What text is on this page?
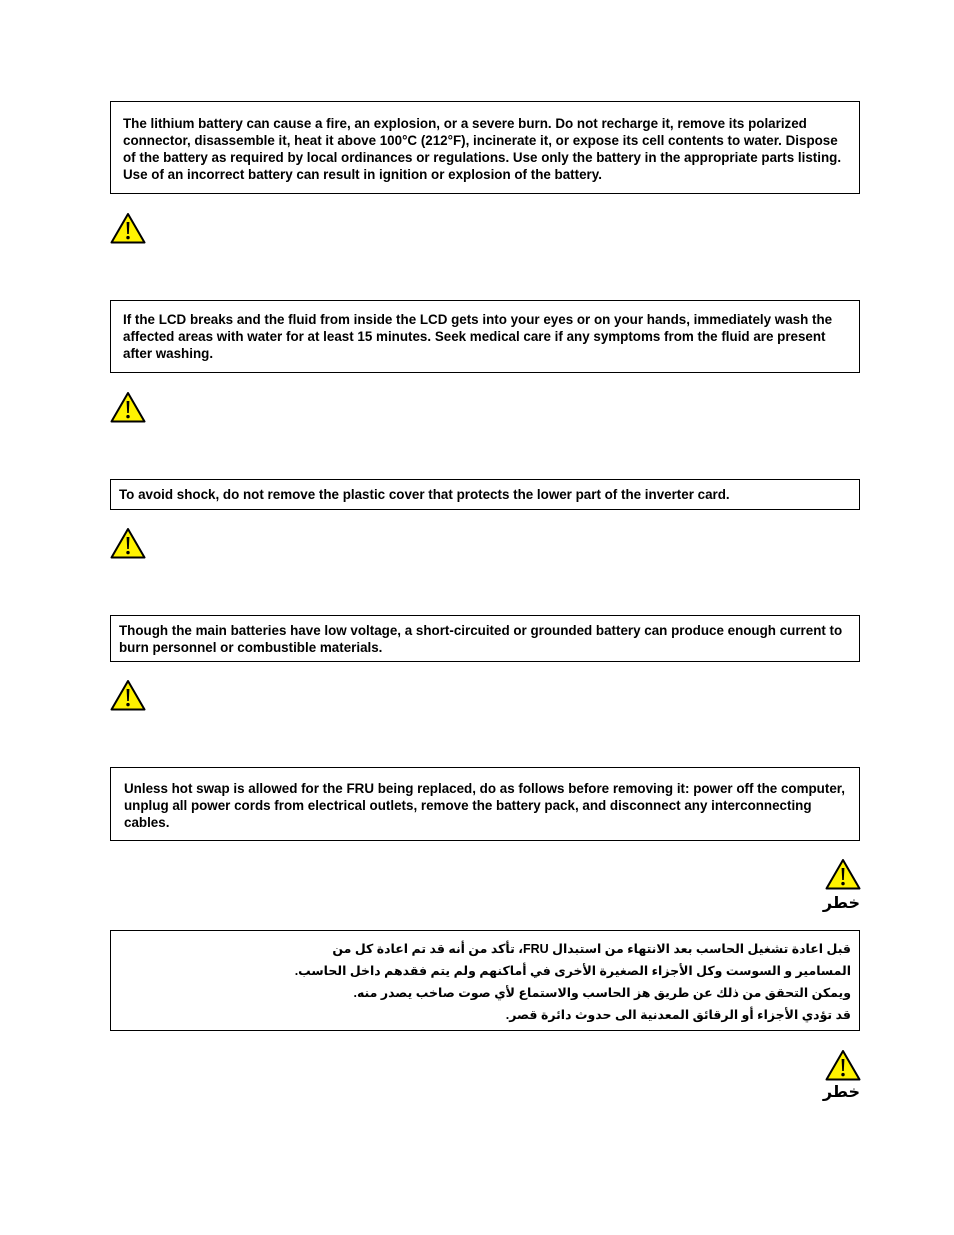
The lithium battery can cause a fire, an explosion, or a severe burn. Do not recharge it, remove its polarized connector, disassemble it, heat it above 100°C (212°F), incinerate it, or expose its cell contents to water. Dispose of the battery as required by local ordinances or regulations. Use only the battery in the appropriate parts listing. Use of an incorrect battery can result in ignition or explosion of the battery.

If the LCD breaks and the fluid from inside the LCD gets into your eyes or on your hands, immediately wash the affected areas with water for at least 15 minutes. Seek medical care if any symptoms from the fluid are present after washing.

To avoid shock, do not remove the plastic cover that protects the lower part of the inverter card.

Though the main batteries have low voltage, a short-circuited or grounded battery can produce enough current to burn personnel or combustible materials.

Unless hot swap is allowed for the FRU being replaced, do as follows before removing it: power off the computer, unplug all power cords from electrical outlets, remove the battery pack, and disconnect any interconnecting cables.

خطر

قبل اعادة تشغيل الحاسب بعد الانتهاء من استبدال FRU، تأكد من أنه قد تم اعادة كل من

المسامير و السوست وكل الأجزاء الصغيرة الأخرى في أماكنهم ولم يتم فقدهم داخل الحاسب.

ويمكن التحقق من ذلك عن طريق هز الحاسب والاستماع لأي صوت صاخب يصدر منه.

قد تؤدي الأجزاء أو الرقائق المعدنية الى حدوث دائرة قصر.

خطر
